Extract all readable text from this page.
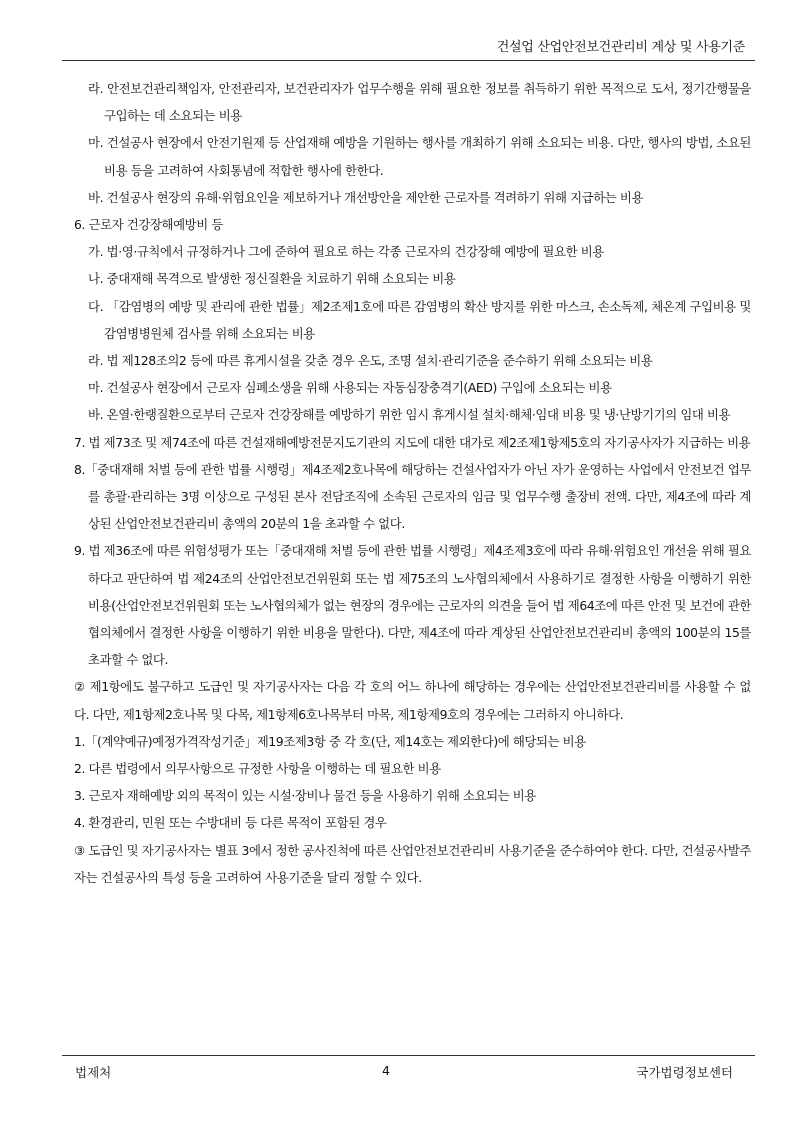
건설업 산업안전보건관리비 계상 및 사용기준
라. 안전보건관리책임자, 안전관리자, 보건관리자가 업무수행을 위해 필요한 정보를 취득하기 위한 목적으로 도서, 정기간행물을 구입하는 데 소요되는 비용
마. 건설공사 현장에서 안전기원제 등 산업재해 예방을 기원하는 행사를 개최하기 위해 소요되는 비용. 다만, 행사의 방법, 소요된 비용 등을 고려하여 사회통념에 적합한 행사에 한한다.
바. 건설공사 현장의 유해·위험요인을 제보하거나 개선방안을 제안한 근로자를 격려하기 위해 지급하는 비용
6. 근로자 건강장해예방비 등
가. 법·영·규칙에서 규정하거나 그에 준하여 필요로 하는 각종 근로자의 건강장해 예방에 필요한 비용
나. 중대재해 목격으로 발생한 정신질환을 치료하기 위해 소요되는 비용
다. 「감염병의 예방 및 관리에 관한 법률」제2조제1호에 따른 감염병의 확산 방지를 위한 마스크, 손소독제, 체온계 구입비용 및 감염병병원체 검사를 위해 소요되는 비용
라. 법 제128조의2 등에 따른 휴게시설을 갖춘 경우 온도, 조명 설치·관리기준을 준수하기 위해 소요되는 비용
마. 건설공사 현장에서 근로자 심폐소생을 위해 사용되는 자동심장충격기(AED) 구입에 소요되는 비용
바. 온열·한랭질환으로부터 근로자 건강장해를 예방하기 위한 임시 휴게시설 설치·해체·임대 비용 및 냉·난방기기의 임대 비용
7. 법 제73조 및 제74조에 따른 건설재해예방전문지도기관의 지도에 대한 대가로 제2조제1항제5호의 자기공사자가 지급하는 비용
8.「중대재해 처벌 등에 관한 법률 시행령」제4조제2호나목에 해당하는 건설사업자가 아닌 자가 운영하는 사업에서 안전보건 업무를 총괄·관리하는 3명 이상으로 구성된 본사 전담조직에 소속된 근로자의 임금 및 업무수행 출장비 전액. 다만, 제4조에 따라 계상된 산업안전보건관리비 총액의 20분의 1을 초과할 수 없다.
9. 법 제36조에 따른 위험성평가 또는「중대재해 처벌 등에 관한 법률 시행령」제4조제3호에 따라 유해·위험요인 개선을 위해 필요하다고 판단하여 법 제24조의 산업안전보건위원회 또는 법 제75조의 노사협의체에서 사용하기로 결정한 사항을 이행하기 위한 비용(산업안전보건위원회 또는 노사협의체가 없는 현장의 경우에는 근로자의 의견을 들어 법 제64조에 따른 안전 및 보건에 관한 협의체에서 결정한 사항을 이행하기 위한 비용을 말한다). 다만, 제4조에 따라 계상된 산업안전보건관리비 총액의 100분의 15를 초과할 수 없다.
② 제1항에도 불구하고 도급인 및 자기공사자는 다음 각 호의 어느 하나에 해당하는 경우에는 산업안전보건관리비를 사용할 수 없다. 다만, 제1항제2호나목 및 다목, 제1항제6호나목부터 마목, 제1항제9호의 경우에는 그러하지 아니하다.
1.「(계약예규)예정가격작성기준」제19조제3항 중 각 호(단, 제14호는 제외한다)에 해당되는 비용
2. 다른 법령에서 의무사항으로 규정한 사항을 이행하는 데 필요한 비용
3. 근로자 재해예방 외의 목적이 있는 시설·장비나 물건 등을 사용하기 위해 소요되는 비용
4. 환경관리, 민원 또는 수방대비 등 다른 목적이 포함된 경우
③ 도급인 및 자기공사자는 별표 3에서 정한 공사진척에 따른 산업안전보건관리비 사용기준을 준수하여야 한다. 다만, 건설공사발주자는 건설공사의 특성 등을 고려하여 사용기준을 달리 정할 수 있다.
법제처	4	국가법령정보센터
